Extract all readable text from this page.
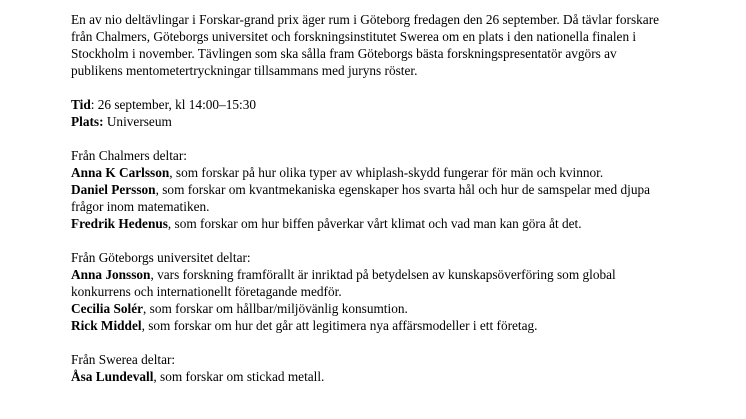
En av nio deltävlingar i Forskar-grand prix äger rum i Göteborg fredagen den 26 september. Då tävlar forskare från Chalmers, Göteborgs universitet och forskningsinstitutet Swerea om en plats i den nationella finalen i Stockholm i november. Tävlingen som ska sålla fram Göteborgs bästa forskningspresentatör avgörs av publikens mentometertryckningar tillsammans med juryns röster.

Tid: 26 september, kl 14:00–15:30

Plats: Universeum

Från Chalmers deltar:

Anna K Carlsson, som forskar på hur olika typer av whiplash-skydd fungerar för män och kvinnor.

Daniel Persson, som forskar om kvantmekaniska egenskaper hos svarta hål och hur de samspelar med djupa frågor inom matematiken.

Fredrik Hedenus, som forskar om hur biffen påverkar vårt klimat och vad man kan göra åt det.

Från Göteborgs universitet deltar:

Anna Jonsson, vars forskning framförallt är inriktad på betydelsen av kunskapsöverföring som global konkurrens och internationellt företagande medför.

Cecilia Solér, som forskar om hållbar/miljövänlig konsumtion.

Rick Middel, som forskar om hur det går att legitimera nya affärsmodeller i ett företag.

Från Swerea deltar:

Åsa Lundevall, som forskar om stickad metall.
